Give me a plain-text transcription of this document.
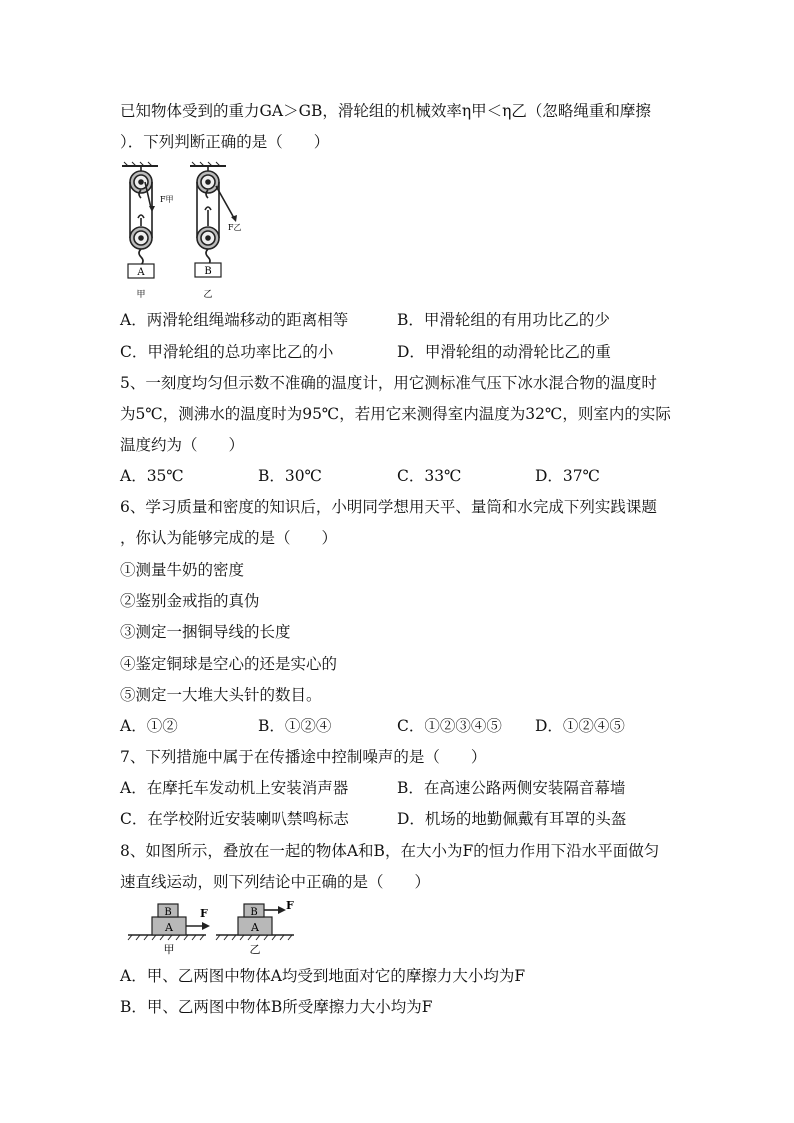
已知物体受到的重力GA＞GB，滑轮组的机械效率η甲＜η乙（忽略绳重和摩擦
）．下列判断正确的是（　　）
A
F甲
甲
F乙
B
乙
A．两滑轮组绳端移动的距离相等	B．甲滑轮组的有用功比乙的少
C．甲滑轮组的总功率比乙的小	D．甲滑轮组的动滑轮比乙的重
5、一刻度均匀但示数不准确的温度计，用它测标准气压下冰水混合物的温度时
为5℃，测沸水的温度时为95℃，若用它来测得室内温度为32℃，则室内的实际
温度约为（　　）
A．35℃	B．30℃	C．33℃	D．37℃
6、学习质量和密度的知识后，小明同学想用天平、量筒和水完成下列实践课题
，你认为能够完成的是（　　）
①测量牛奶的密度
②鉴别金戒指的真伪
③测定一捆铜导线的长度
④鉴定铜球是空心的还是实心的
⑤测定一大堆大头针的数目。
A．①②	B．①②④	C．①②③④⑤ D．①②④⑤
7、下列措施中属于在传播途中控制噪声的是（　　）
A．在摩托车发动机上安装消声器	B．在高速公路两侧安装隔音幕墙
C．在学校附近安装喇叭禁鸣标志	D．机场的地勤佩戴有耳罩的头盔
8、如图所示，叠放在一起的物体A和B，在大小为F的恒力作用下沿水平面做匀
速直线运动，则下列结论中正确的是（　　）
A
B	F
甲
A
B
F
乙
A．甲、乙两图中物体A均受到地面对它的摩擦力大小均为F
B．甲、乙两图中物体B所受摩擦力大小均为F
